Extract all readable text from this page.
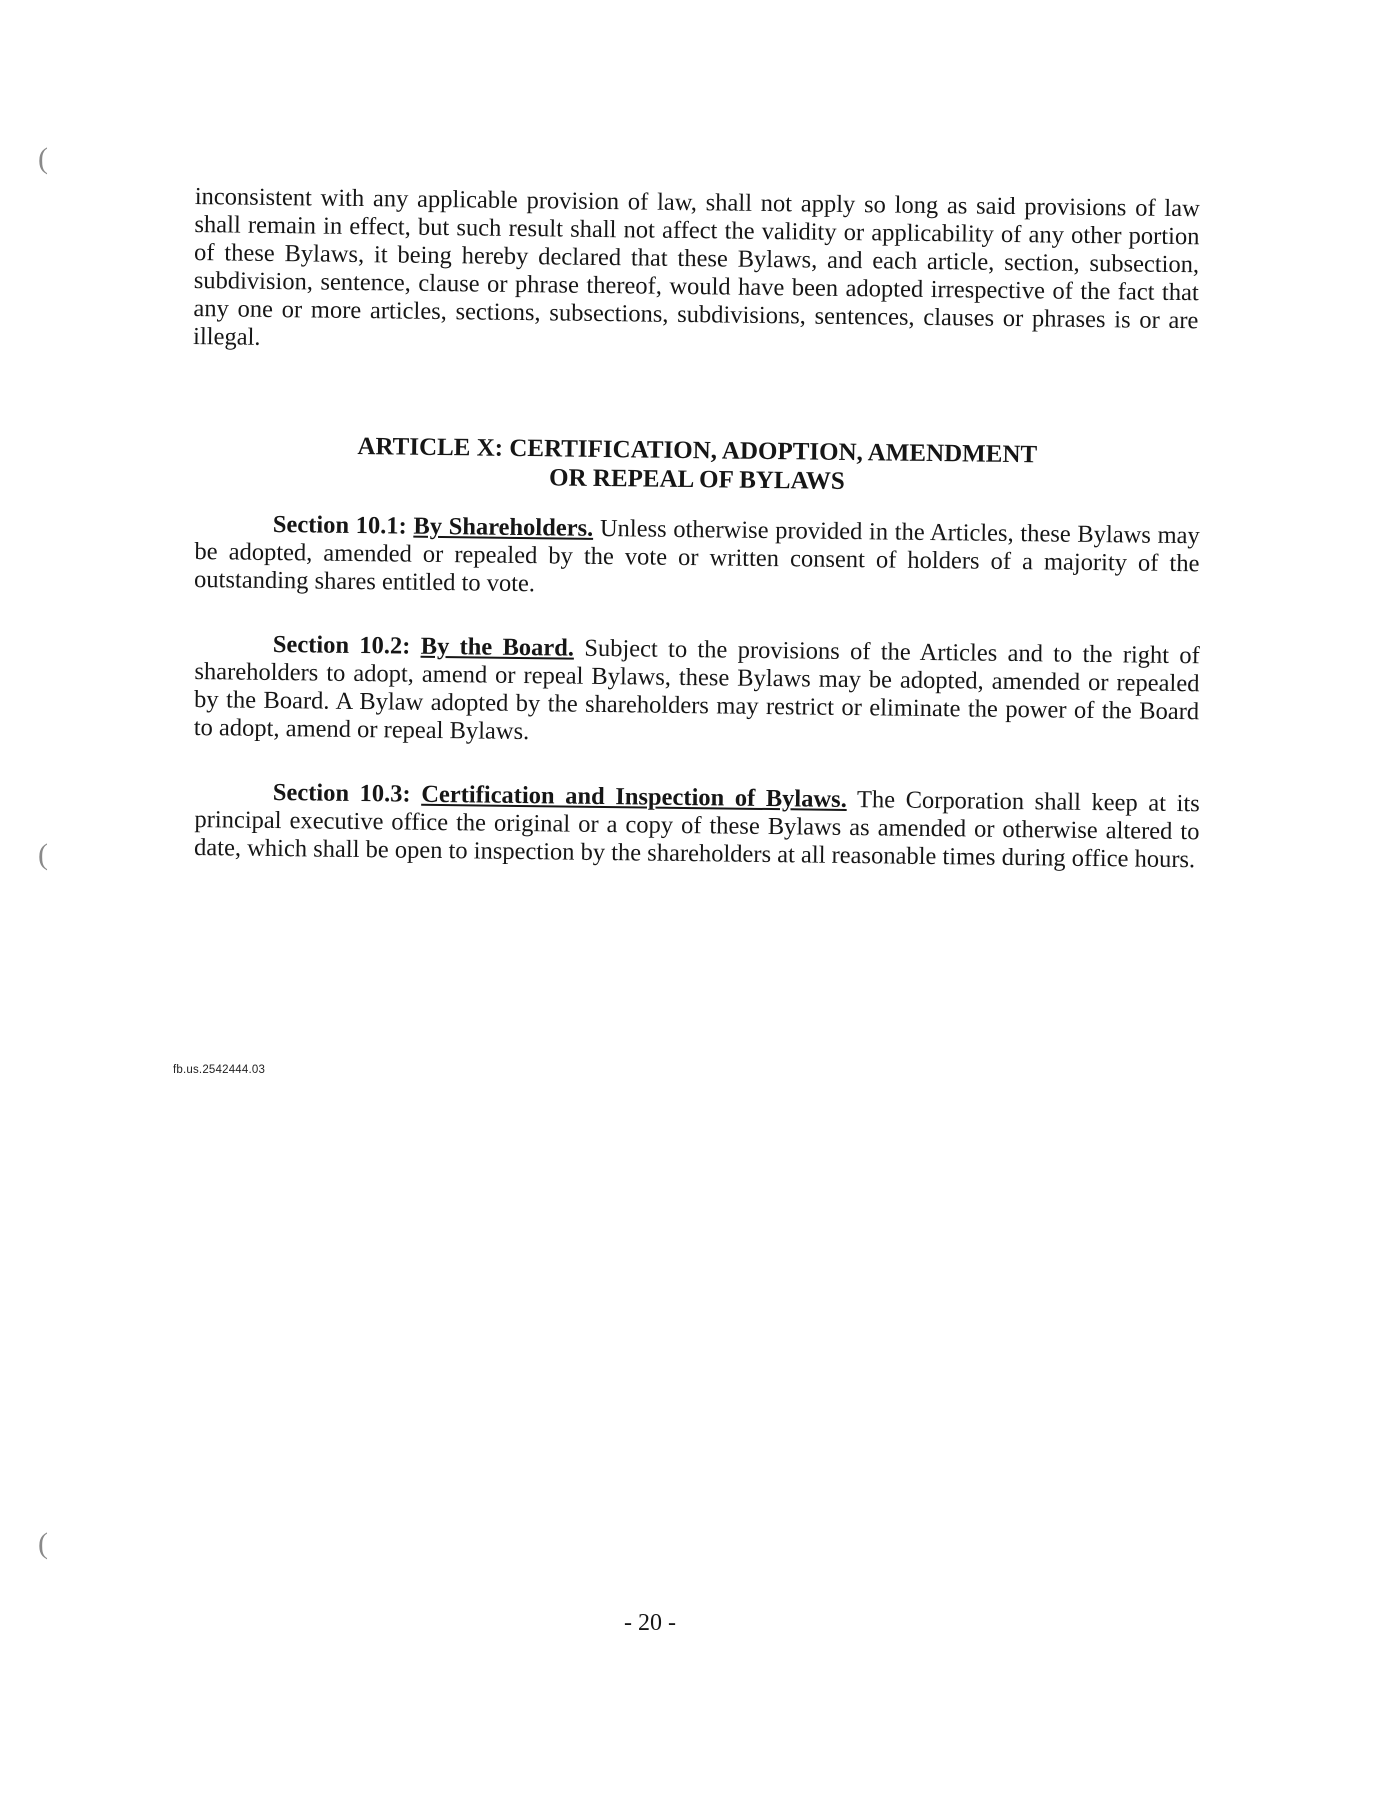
(
(
(

inconsistent with any applicable provision of law, shall not apply so long as said provisions of law shall remain in effect, but such result shall not affect the validity or applicability of any other portion of these Bylaws, it being hereby declared that these Bylaws, and each article, section, subsection, subdivision, sentence, clause or phrase thereof, would have been adopted irrespective of the fact that any one or more articles, sections, subsections, subdivisions, sentences, clauses or phrases is or are illegal.

ARTICLE X: CERTIFICATION, ADOPTION, AMENDMENT
OR REPEAL OF BYLAWS

Section 10.1: By Shareholders. Unless otherwise provided in the Articles, these Bylaws may be adopted, amended or repealed by the vote or written consent of holders of a majority of the outstanding shares entitled to vote.

Section 10.2: By the Board. Subject to the provisions of the Articles and to the right of shareholders to adopt, amend or repeal Bylaws, these Bylaws may be adopted, amended or repealed by the Board. A Bylaw adopted by the shareholders may restrict or eliminate the power of the Board to adopt, amend or repeal Bylaws.

Section 10.3: Certification and Inspection of Bylaws. The Corporation shall keep at its principal executive office the original or a copy of these Bylaws as amended or otherwise altered to date, which shall be open to inspection by the shareholders at all reasonable times during office hours.

fb.us.2542444.03
- 20 -
